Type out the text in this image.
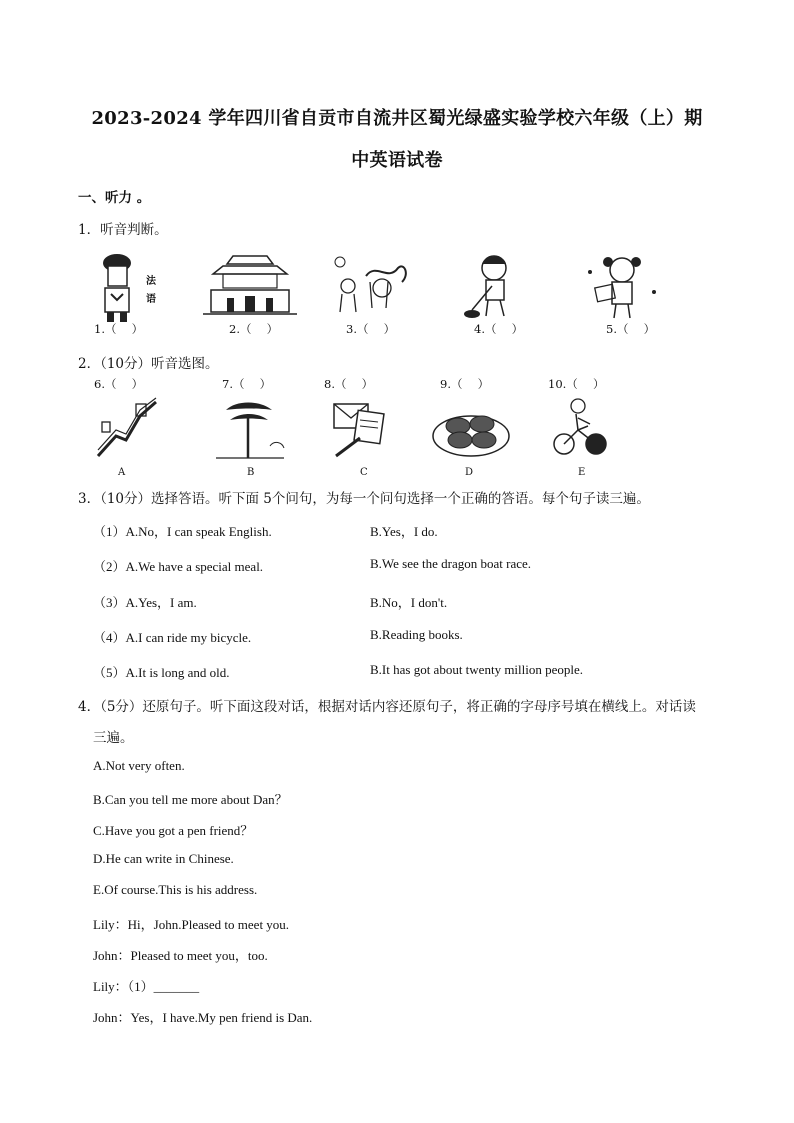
2023-2024 学年四川省自贡市自流井区蜀光绿盛实验学校六年级（上）期
中英语试卷
一、听力 。
1．听音判断。
法
语
1.（　 ）	2.（　 ）	3.（　 ）	4.（　 ）	5.（　 ）
2．（10分）听音选图。
6.（　 ）	7.（　 ）	8.（　 ）	9.（　 ）	10.（　 ）
A	B	C	D	E
3．（10分）选择答语。听下面 5个问句，为每一个问句选择一个正确的答语。每个句子读三遍。
（1）A.No，I can speak English.	B.Yes，I do.
（2）A.We have a special meal.	B.We see the dragon boat race.
（3）A.Yes，I am.	B.No，I don't.
（4）A.I can ride my bicycle.	B.Reading books.
（5）A.It is long and old.	B.It has got about twenty million people.
4．（5分）还原句子。听下面这段对话，根据对话内容还原句子，将正确的字母序号填在横线上。对话读
三遍。
A.Not very often.
B.Can you tell me more about Dan？
C.Have you got a pen friend？
D.He can write in Chinese.
E.Of course.This is his address.
Lily：Hi，John.Pleased to meet you.
John：Pleased to meet you，too.
Lily：（1）_______
John：Yes，I have.My pen friend is Dan.
